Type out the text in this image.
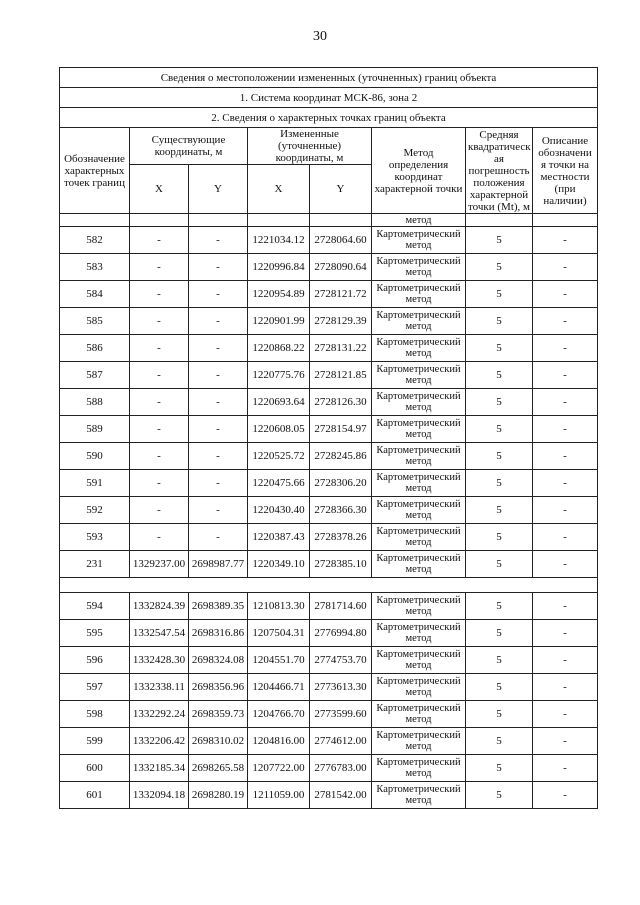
30
Сведения о местоположении измененных (уточненных) границ объекта							
1. Система координат МСК-86, зона 2							
2. Сведения о характерных точках границ объекта							
Обозначение характерных точек границ	Существующие координаты, м		Измененные (уточненные) координаты, м		Метод определения координат характерной точки	Средняя квадратическ ая погрешность положения характерной точки (Mt), м	Описание обозначени я точки на местности (при наличии)
	X	Y	X	Y			
					метод		
582	-	-	1221034.12	2728064.60	Картометрический метод	5	-
583	-	-	1220996.84	2728090.64	Картометрический метод	5	-
584	-	-	1220954.89	2728121.72	Картометрический метод	5	-
585	-	-	1220901.99	2728129.39	Картометрический метод	5	-
586	-	-	1220868.22	2728131.22	Картометрический метод	5	-
587	-	-	1220775.76	2728121.85	Картометрический метод	5	-
588	-	-	1220693.64	2728126.30	Картометрический метод	5	-
589	-	-	1220608.05	2728154.97	Картометрический метод	5	-
590	-	-	1220525.72	2728245.86	Картометрический метод	5	-
591	-	-	1220475.66	2728306.20	Картометрический метод	5	-
592	-	-	1220430.40	2728366.30	Картометрический метод	5	-
593	-	-	1220387.43	2728378.26	Картометрический метод	5	-
231	1329237.00	2698987.77	1220349.10	2728385.10	Картометрический метод	5	-

594	1332824.39	2698389.35	1210813.30	2781714.60	Картометрический метод	5	-
595	1332547.54	2698316.86	1207504.31	2776994.80	Картометрический метод	5	-
596	1332428.30	2698324.08	1204551.70	2774753.70	Картометрический метод	5	-
597	1332338.11	2698356.96	1204466.71	2773613.30	Картометрический метод	5	-
598	1332292.24	2698359.73	1204766.70	2773599.60	Картометрический метод	5	-
599	1332206.42	2698310.02	1204816.00	2774612.00	Картометрический метод	5	-
600	1332185.34	2698265.58	1207722.00	2776783.00	Картометрический метод	5	-
601	1332094.18	2698280.19	1211059.00	2781542.00	Картометрический метод	5	-
